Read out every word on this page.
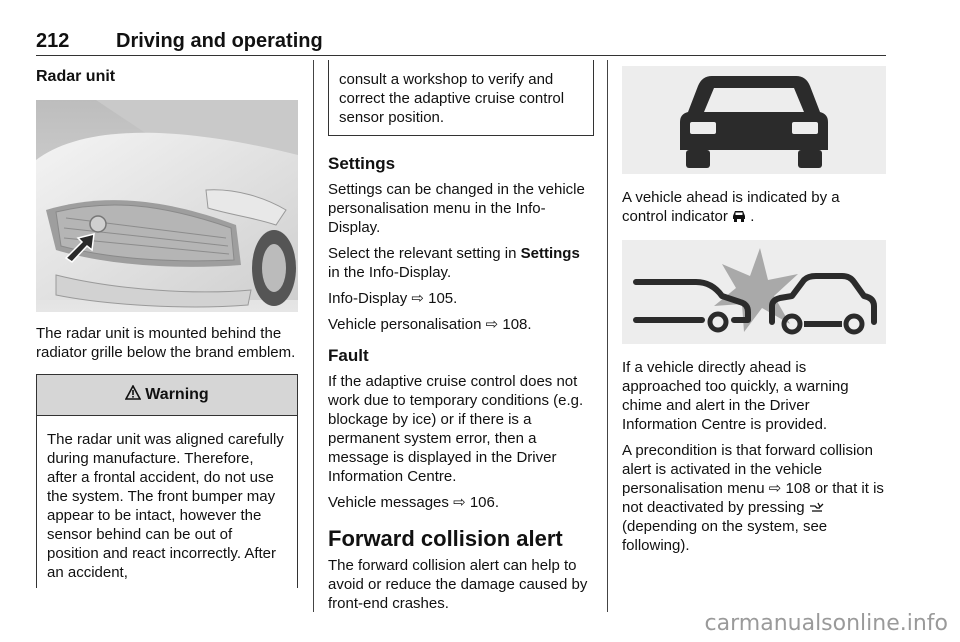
212 Driving and operating
Radar unit

The radar unit is mounted behind the radiator grille below the brand emblem.

Warning

The radar unit was aligned carefully during manufacture. Therefore, after a frontal accident, do not use the system. The front bumper may appear to be intact, however the sensor behind can be out of position and react incorrectly. After an accident,

consult a workshop to verify and correct the adaptive cruise control sensor position.

Settings

Settings can be changed in the vehicle personalisation menu in the Info-Display.

Select the relevant setting in Settings in the Info-Display.

Info-Display ⇨ 105.

Vehicle personalisation ⇨ 108.

Fault

If the adaptive cruise control does not work due to temporary conditions (e.g. blockage by ice) or if there is a permanent system error, then a message is displayed in the Driver Information Centre.

Vehicle messages ⇨ 106.

Forward collision alert

The forward collision alert can help to avoid or reduce the damage caused by front-end crashes.

A vehicle ahead is indicated by a control indicator .

If a vehicle directly ahead is approached too quickly, a warning chime and alert in the Driver Information Centre is provided.

A precondition is that forward collision alert is activated in the vehicle personalisation menu ⇨ 108 or that it is not deactivated by pressing  (depending on the system, see following).

carmanualsonline.info
